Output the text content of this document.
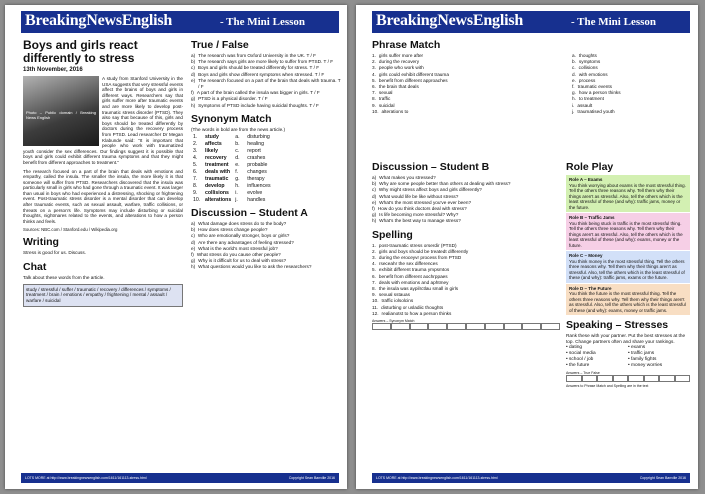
BreakingNewsEnglish	- The Mini Lesson
Boys and girls react differently to stress
13th November, 2016
Photo – Public domain / Breaking News English

A study from Stanford University in the USA suggests that very stressful events affect the brains of boys and girls in different ways. Researchers say that girls suffer more after traumatic events and are more likely to develop post-traumatic stress disorder (PTSD). They also say that because of this, girls and boys should be treated differently by doctors during the recovery process from PTSD. Lead researcher Dr Megan Klabunde said: "It is important that people who work with traumatized youth consider the sex differences. Our findings suggest it is possible that boys and girls could exhibit different trauma symptoms and that they might benefit from different approaches to treatment."

The research focused on a part of the brain that deals with emotions and empathy, called the insula. The smaller the insula, the more likely it is that someone will suffer from PTSD. Researchers discovered that the insula was particularly small in girls who had gone through a traumatic event. It was larger than usual in boys who had experienced a distressing, shocking or frightening event. Post-traumatic stress disorder is a mental disorder that can develop after traumatic events, such as sexual assault, warfare, traffic collisions, or threats on a person's life. Symptoms may include disturbing or suicidal thoughts, nightmares related to the events, and alterations to how a person thinks and feels.

Sources: NBC.com / Stanford.edu / Wikipedia.org
Writing
Stress is good for us. Discuss.
Chat
Talk about these words from the article.
study / stressful / suffer / traumatic / recovery / differences / symptoms / treatment / brain / emotions / empathy / frightening / mental / assault / warfare / suicidal
True / False
a) The research was from Oxford University in the UK. T / F
b) The research says girls are more likely to suffer from PTSD. T / F
c) Boys and girls should be treated differently for stress. T / F
d) Boys and girls show different symptoms when stressed. T / F
e) The research focused on a part of the brain that deals with trauma. T / F
f) A part of the brain called the insula was bigger in girls. T / F
g) PTSD is a physical disorder. T / F
h) Symptoms of PTSD include having suicidal thoughts. T / F
Synonym Match
(The words in bold are from the news article.)
1.	study	a.	disturbing
2.	affects	b.	healing
3.	likely	c.	report
4.	recovery	d.	crashes
5.	treatment	e.	probable
6.	deals with	f.	changes
7.	traumatic	g.	therapy
8.	develop	h.	influences
9.	collisions	i.	evolve
10.	alterations	j.	handles
Discussion – Student A
a) What damage does stress do to the body?
b) How does stress change people?
c) Who are emotionally stronger, boys or girls?
d) Are there any advantages of feeling stressed?
e) What is the world's most stressful job?
f) What stress do you cause other people?
g) Why is it difficult for us to deal with stress?
h) What questions would you like to ask the researchers?
LOTS MORE at http://www.breakingnewsenglish.com/1611/161113-stress.html	Copyright Sean Banville 2016
BreakingNewsEnglish	- The Mini Lesson
Phrase Match
1. girls suffer more after
2. during the recovery
3. people who work with
4. girls could exhibit different trauma
5. benefit from different approaches
6. the brain that deals
7. sexual
8. traffic
9. suicidal
10. alterations to
a. thoughts
b. symptoms
c. collisions
d. with emotions
e. process
f. traumatic events
g. how a person thinks
h. to treatment
i. assault
j. traumatised youth
Discussion – Student B
a) What makes you stressed?
b) Why are some people better than others at dealing with stress?
c) Why might stress affect boys and girls differently?
d) What would life be like without stress?
e) What's the most stressed you've ever been?
f) How do you think doctors deal with stress?
g) Is life becoming more stressful? Why?
h) What's the best way to manage stress?
Spelling
1. post-traumatic stress orserdir (PTSD)
2. girls and boys should be treatedt differently
3. during the eroceyvr process from PTSD
4. rseceahr the sex differences
5. exhibit different trauma ympsmtos
6. benefit from different aochrppaes
7. deals with emotions and aphtmey
8. the insula was aypilrctlau small in girls
9. sexual sstauas
10. traffic iolsolcins
11. disturbing or usladiic thoughts
12. realianotst to how a person thinks
Answers – Synonym Match
Role Play
Role A – Exams
You think worrying about exams is the most stressful thing. Tell the others three reasons why. Tell them why their things aren't as stressful. Also, tell the others which is the least stressful of these (and why): traffic jams, money or the future.
Role B – Traffic Jams
You think being stuck in traffic is the most stressful thing. Tell the others three reasons why. Tell them why their things aren't as stressful. Also, tell the others which is the least stressful of these (and why): exams, money or the future.
Role C – Money
You think money is the most stressful thing. Tell the others three reasons why. Tell them why their things aren't as stressful. Also, tell the others which is the least stressful of these (and why): traffic jams, exams or the future.
Role D – The Future
You think the future is the most stressful thing. Tell the others three reasons why. Tell them why their things aren't as stressful. Also, tell the others which is the least stressful of these (and why): exams, money or traffic jams.
Speaking – Stresses
Rank these with your partner. Put the best stresses at the top. Change partners often and share your rankings.
• dating	• exams
• social media	• traffic jams
• school / job	• family fights
• the future	• money worries
Answers – True False
Answers to Phrase Match and Spelling are in the text
LOTS MORE at http://www.breakingnewsenglish.com/1611/161113-stress.html	Copyright Sean Banville 2016
